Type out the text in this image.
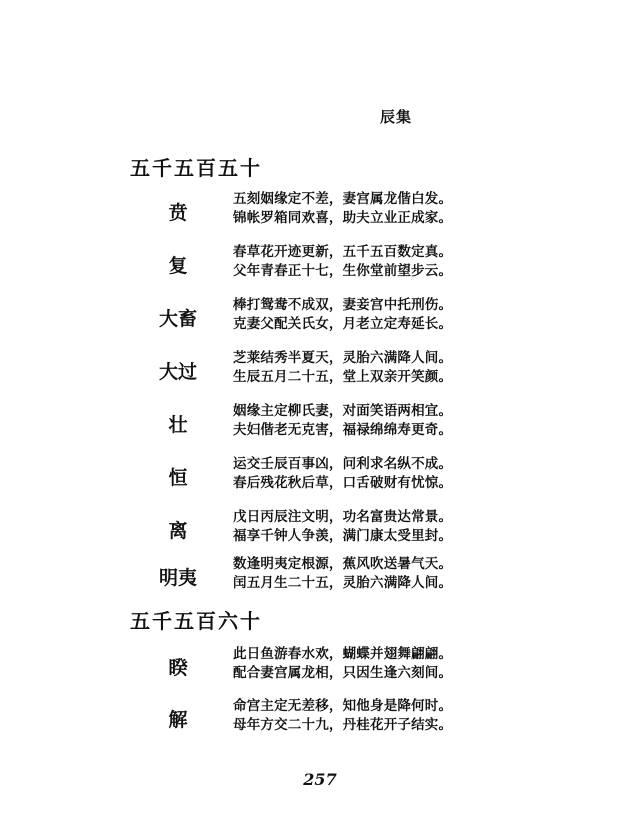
辰集
五千五百五十
贲
五刻姻缘定不差，妻宫属龙偕白发。
锦帐罗箱同欢喜，助夫立业正成家。
复
春草花开迹更新，五千五百数定真。
父年青春正十七，生你堂前望步云。
大畜
棒打鸳鸯不成双，妻妾宫中托刑伤。
克妻父配关氏女，月老立定寿延长。
大过
芝莱结秀半夏天，灵胎六满降人间。
生辰五月二十五，堂上双亲开笑颜。
壮
姻缘主定柳氏妻，对面笑语两相宜。
夫妇偕老无克害，福禄绵绵寿更奇。
恒
运交壬辰百事凶，问利求名纵不成。
春后残花秋后草，口舌破财有忧惊。
离
戊日丙辰注文明，功名富贵达常景。
福享千钟人争羡，满门康太受里封。
明夷
数逢明夷定根源，蕉风吹送暑气天。
闰五月生二十五，灵胎六满降人间。
五千五百六十
睽
此日鱼游春水欢，蝴蝶并翅舞翩翩。
配合妻宫属龙相，只因生逢六刻间。
解
命宫主定无差移，知他身是降何时。
母年方交二十九，丹桂花开子结实。
257
